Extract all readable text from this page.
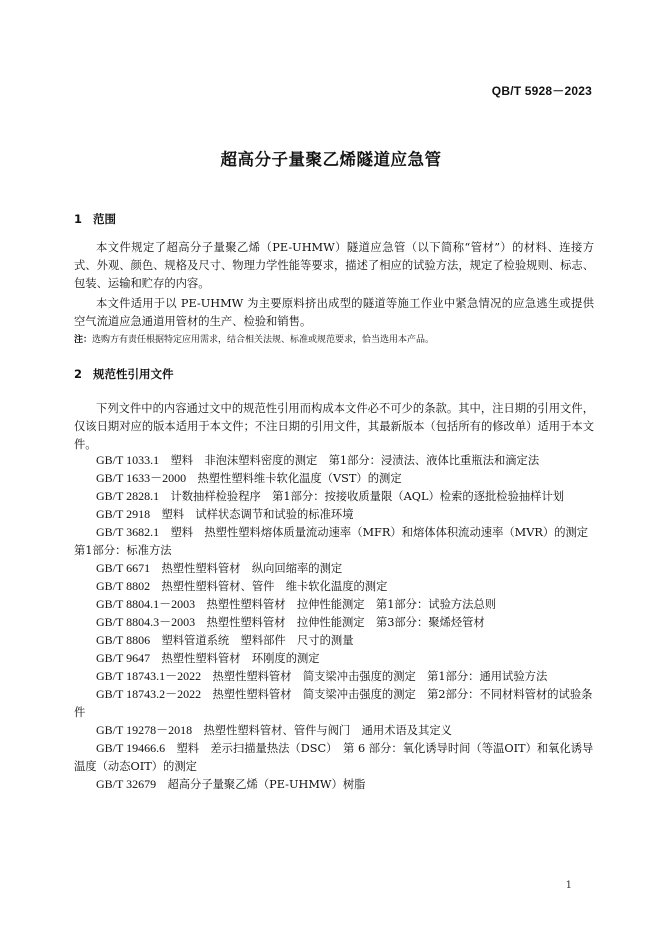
QB/T 5928－2023
超高分子量聚乙烯隧道应急管
1 范围
本文件规定了超高分子量聚乙烯（PE-UHMW）隧道应急管（以下简称“管材”）的材料、连接方式、外观、颜色、规格及尺寸、物理力学性能等要求，描述了相应的试验方法，规定了检验规则、标志、包装、运输和贮存的内容。
本文件适用于以 PE-UHMW 为主要原料挤出成型的隧道等施工作业中紧急情况的应急逃生或提供空气流道应急通道用管材的生产、检验和销售。
注：选购方有责任根据特定应用需求，结合相关法规、标准或规范要求，恰当选用本产品。
2 规范性引用文件
下列文件中的内容通过文中的规范性引用而构成本文件必不可少的条款。其中，注日期的引用文件，仅该日期对应的版本适用于本文件；不注日期的引用文件，其最新版本（包括所有的修改单）适用于本文件。
GB/T 1033.1　 塑料　非泡沫塑料密度的测定　第1部分：浸渍法、液体比重瓶法和滴定法
GB/T 1633－2000　 热塑性塑料维卡软化温度（VST）的测定
GB/T 2828.1　 计数抽样检验程序　第1部分：按接收质量限（AQL）检索的逐批检验抽样计划
GB/T 2918　 塑料　试样状态调节和试验的标准环境
GB/T 3682.1　 塑料　热塑性塑料熔体质量流动速率（MFR）和熔体体积流动速率（MVR）的测定　第1部分：标准方法
GB/T 6671　 热塑性塑料管材　纵向回缩率的测定
GB/T 8802　 热塑性塑料管材、管件　维卡软化温度的测定
GB/T 8804.1－2003　 热塑性塑料管材　拉伸性能测定　第1部分：试验方法总则
GB/T 8804.3－2003　 热塑性塑料管材　拉伸性能测定　第3部分：聚烯烃管材
GB/T 8806　 塑料管道系统　塑料部件　尺寸的测量
GB/T 9647　 热塑性塑料管材　环刚度的测定
GB/T 18743.1－2022　 热塑性塑料管材　简支梁冲击强度的测定　第1部分：通用试验方法
GB/T 18743.2－2022　 热塑性塑料管材　简支梁冲击强度的测定　第2部分：不同材料管材的试验条件
GB/T 19278－2018　 热塑性塑料管材、管件与阀门　通用术语及其定义
GB/T 19466.6　 塑料　差示扫描量热法（DSC）　第 6 部分：氧化诱导时间（等温OIT）和氧化诱导温度（动态OIT）的测定
GB/T 32679　 超高分子量聚乙烯（PE-UHMW）树脂
1
